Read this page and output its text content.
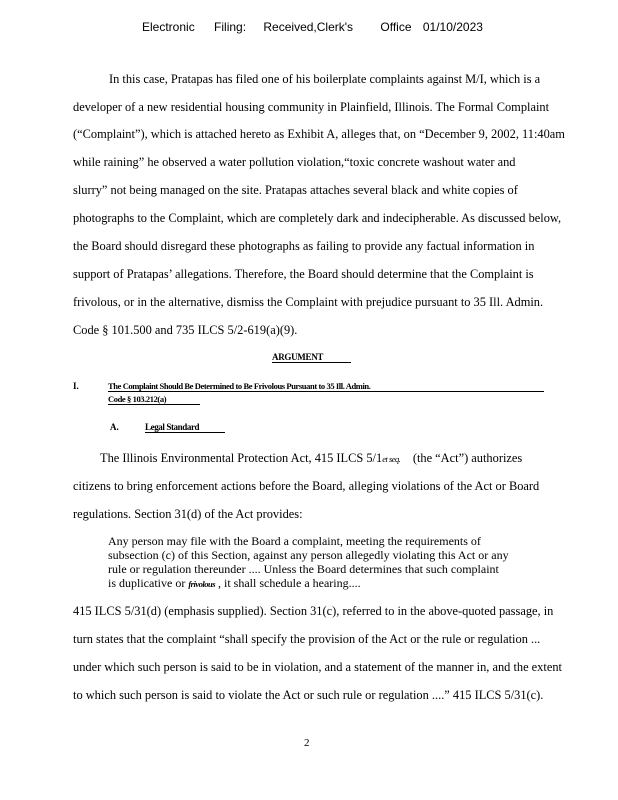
Electronic Filing: Received,Clerk's Office 01/10/2023
In this case, Pratapas has filed one of his boilerplate complaints against M/I, which is a
developer of a new residential housing community in Plainfield, Illinois. The Formal Complaint
(“Complaint”), which is attached hereto as Exhibit A, alleges that, on “December 9, 2002, 11:40am
while raining” he observed a water pollution violation,“toxic concrete washout water and
slurry” not being managed on the site. Pratapas attaches several black and white copies of
photographs to the Complaint, which are completely dark and indecipherable. As discussed below,
the Board should disregard these photographs as failing to provide any factual information in
support of Pratapas’ allegations. Therefore, the Board should determine that the Complaint is
frivolous, or in the alternative, dismiss the Complaint with prejudice pursuant to 35 Ill. Admin.
Code § 101.500 and 735 ILCS 5/2-619(a)(9).
ARGUMENT
I.	The Complaint Should Be Determined to Be Frivolous Pursuant to 35 Ill. Admin.
Code § 103.212(a)
A.	Legal Standard
The Illinois Environmental Protection Act, 415 ILCS 5/1et seq. (the “Act”) authorizes
citizens to bring enforcement actions before the Board, alleging violations of the Act or Board
regulations. Section 31(d) of the Act provides:
Any person may file with the Board a complaint, meeting the requirements of
subsection (c) of this Section, against any person allegedly violating this Act or any
rule or regulation thereunder .... Unless the Board determines that such complaint
is duplicative or frivolous , it shall schedule a hearing....
415 ILCS 5/31(d) (emphasis supplied). Section 31(c), referred to in the above-quoted passage, in
turn states that the complaint “shall specify the provision of the Act or the rule or regulation ...
under which such person is said to be in violation, and a statement of the manner in, and the extent
to which such person is said to violate the Act or such rule or regulation ....” 415 ILCS 5/31(c).
2
